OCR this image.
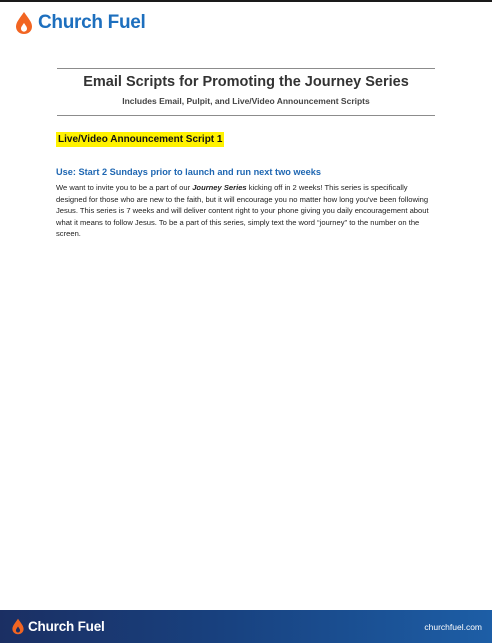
Church Fuel
Email Scripts for Promoting the Journey Series
Includes Email, Pulpit, and Live/Video Announcement Scripts
Live/Video Announcement Script 1
Use: Start 2 Sundays prior to launch and run next two weeks
We want to invite you to be a part of our Journey Series kicking off in 2 weeks! This series is specifically designed for those who are new to the faith, but it will encourage you no matter how long you've been following Jesus. This series is 7 weeks and will deliver content right to your phone giving you daily encouragement about what it means to follow Jesus. To be a part of this series, simply text the word “journey” to the number on the screen.
Church Fuel	churchfuel.com
